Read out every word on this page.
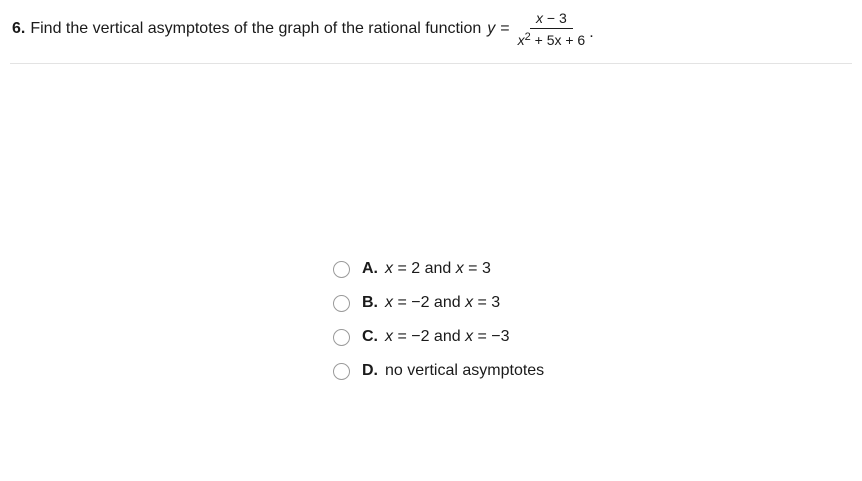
6. Find the vertical asymptotes of the graph of the rational function $y = \frac{x - 3}{x^2 + 5x + 6}$ .
A. x = 2 and x = 3
B. x = −2 and x = 3
C. x = −2 and x = −3
D. no vertical asymptotes
